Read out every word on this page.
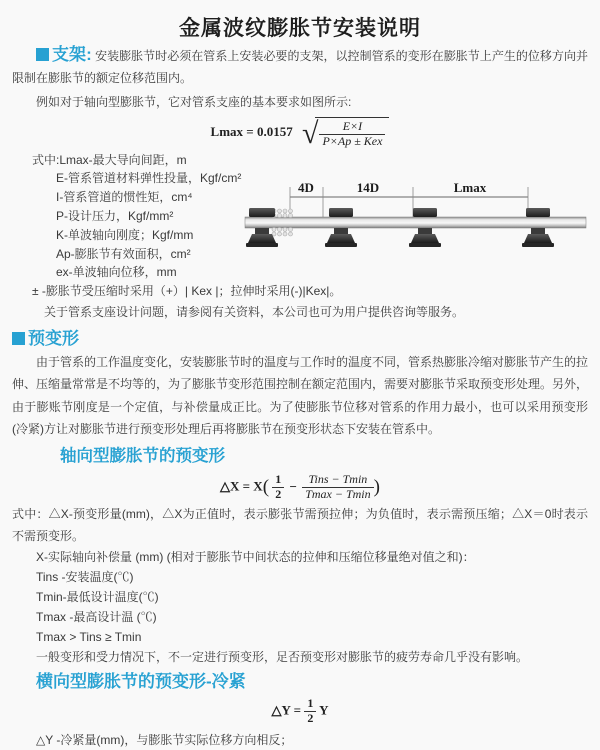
金属波纹膨胀节安装说明

支架: 安装膨胀节时必须在管系上安装必要的支架，以控制管系的变形在膨胀节上产生的位移方向并限制在膨胀节的额定位移范围内。

例如对于轴向型膨胀节，它对管系支座的基本要求如图所示:

Lmax = 0.0157 √ $\frac{E\times I}{\text{P×Ap ± Kex}}$
式中:Lmax-最大导向间距，m
E-管系管道材料弹性投量，Kgf/cm²
I-管系管道的惯性矩，cm⁴
P-设计压力，Kgf/mm²
K-单波轴向刚度；Kgf/mm
Ap-膨胀节有效面积，cm²
ex-单波轴向位移，mm
± -膨胀节受压缩时采用（+）| Kex |；拉伸时采用(-)|Kex|。
关于管系支座设计问题，请参阅有关资料，本公司也可为用户提供咨询等服务。
4D	14D	Lmax
预变形

由于管系的工作温度变化，安装膨胀节时的温度与工作时的温度不同，管系热膨胀冷缩对膨胀节产生的拉伸、压缩量常常是不均等的，为了膨胀节变形范围控制在额定范围内，需要对膨胀节采取预变形处理。另外，由于膨账节刚度是一个定值，与补偿量成正比。为了使膨胀节位移对管系的作用力最小，也可以采用预变形(冷紧)方让对膨胀节进行预变形处理后再将膨胀节在预变形状态下安装在管系中。

轴向型膨胀节的预变形
△X = $X( \frac{1}{2} - \frac{\text{Tins − Tmin}}{Tmax - Tmin}$ )

式中：△X-预变形量(mm)，△X为正值时，表示膨张节需预拉伸；为负值时，表示需预压缩；△X＝0时表示不需预变形。

X-实际轴向补偿量 (mm) (相对于膨胀节中间状态的拉伸和压缩位移量绝对值之和)：
Tins -安装温度(℃)
Tmin-最低设计温度(℃)
Tmax -最高设计温 (℃)
Tmax > Tins ≥ Tmin

一般变形和受力情况下，不一定进行预变形，足否预变形对膨胀节的疲劳寿命几乎没有影响。

横向型膨胀节的预变形-冷紧
△Y = $\frac{1}{2}$ Y

△Y -冷紧量(mm)，与膨胀节实际位移方向相反；
